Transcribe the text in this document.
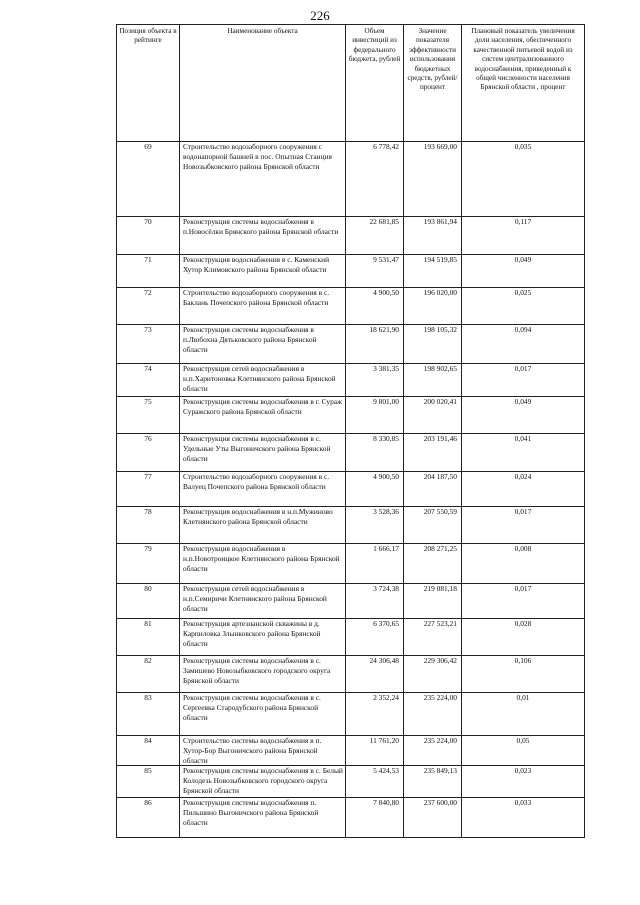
226
Позиция объекта в рейтинге	Наименование объекта	Объем инвестиций из федерального бюджета, рублей	Значение показателя эффективности использования бюджетных средств, рублей/процент	Плановый показатель увеличения доли населения, обеспеченного качественной питьевой водой из систем централизованного водоснабжения, приведенный к общей численности населения Брянской области , процент
69	Строительство водозаборного сооружения с водонапорной башней в пос. Опытная Станция Новозыбковского района Брянской области	6 778,42	193 669,00	0,035
70	Реконструкция системы водоснабжения в п.Новосёлки Брянского района Брянской области	22 681,85	193 861,94	0,117
71	Реконструкция водоснабжения в с. Каменский Хутор Климовского района Брянской области	9 531,47	194 519,85	0,049
72	Строительство водозаборного сооружения в с. Баклань Почепского района Брянской области	4 900,50	196 020,00	0,025
73	Реконструкция системы водоснабжения в п.Любохна Дятьковского района Брянской области	18 621,90	198 105,32	0,094
74	Реконструкция сетей водоснабжения в н.п.Харитоновка Клетнянского района Брянской области	3 381,35	198 902,65	0,017
75	Реконструкция системы водоснабжения в г. Сураж Суражского района Брянской области	9 801,00	200 020,41	0,049
76	Реконструкция системы водоснабжения в с. Удельные Уты Выгоничского района Брянской области	8 330,85	203 191,46	0,041
77	Строительство водозаборного сооружения в с. Валуец Почепского района Брянской области	4 900,50	204 187,50	0,024
78	Реконструкция водоснабжения в н.п.Мужиново Клетнянского района Брянской области	3 528,36	207 550,59	0,017
79	Реконструкция водоснабжения в н.п.Новотроицкое Клетнянского района Брянской области	1 666,17	208 271,25	0,008
80	Реконструкция сетей водоснабжения в н.п.Семиричи Клетнянского района Брянской области	3 724,38	219 081,18	0,017
81	Реконструкция артезианской скважины в д. Карпиловка Злынковского района Брянской области	6 370,65	227 523,21	0,028
82	Реконструкция системы водоснабжения в с. Замишево Новозыбковского городского округа Брянской области	24 306,48	229 306,42	0,106
83	Реконструкция системы водоснабжения в с. Сергеевка Стародубского района Брянской области	2 352,24	235 224,00	0,01
84	Строительство системы водоснабжения в п. Хутор-Бор Выгоничского района Брянской области	11 761,20	235 224,00	0,05
85	Реконструкция системы водоснабжения в с. Белый Колодезь Новозыбковского городского округа Брянской области	5 424,53	235 849,13	0,023
86	Реконструкция системы водоснабжения п. Пильшино Выгоничского района Брянской области	7 840,80	237 600,00	0,033
